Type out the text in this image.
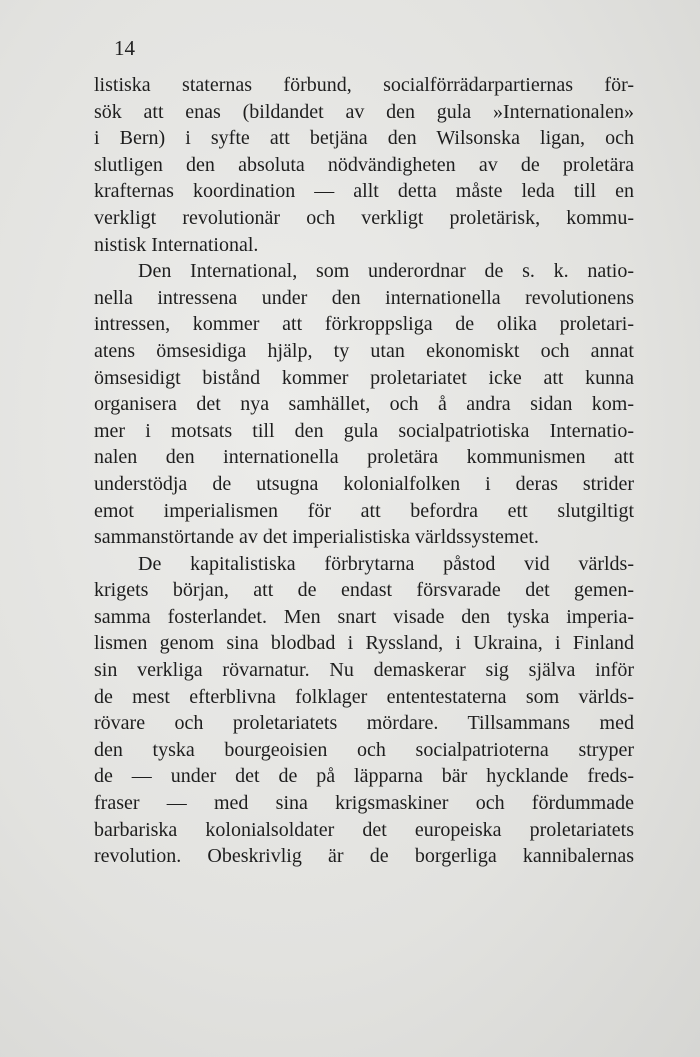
14
listiska staternas förbund, socialförrädarpartiernas för-
sök att enas (bildandet av den gula »Internationalen»
i Bern) i syfte att betjäna den Wilsonska ligan, och
slutligen den absoluta nödvändigheten av de proletära
krafternas koordination — allt detta måste leda till en
verkligt revolutionär och verkligt proletärisk, kommu-
nistisk International.
Den International, som underordnar de s. k. natio-
nella intressena under den internationella revolutionens
intressen, kommer att förkroppsliga de olika proletari-
atens ömsesidiga hjälp, ty utan ekonomiskt och annat
ömsesidigt bistånd kommer proletariatet icke att kunna
organisera det nya samhället, och å andra sidan kom-
mer i motsats till den gula socialpatriotiska Internatio-
nalen den internationella proletära kommunismen att
understödja de utsugna kolonialfolken i deras strider
emot imperialismen för att befordra ett slutgiltigt
sammanstörtande av det imperialistiska världssystemet.
De kapitalistiska förbrytarna påstod vid världs-
krigets början, att de endast försvarade det gemen-
samma fosterlandet. Men snart visade den tyska imperia-
lismen genom sina blodbad i Ryssland, i Ukraina, i Finland
sin verkliga rövarnatur. Nu demaskerar sig själva inför
de mest efterblivna folklager ententestaterna som världs-
rövare och proletariatets mördare. Tillsammans med
den tyska bourgeoisien och socialpatrioterna stryper
de — under det de på läpparna bär hycklande freds-
fraser — med sina krigsmaskiner och fördummade
barbariska kolonialsoldater det europeiska proletariatets
revolution. Obeskrivlig är de borgerliga kannibalernas
